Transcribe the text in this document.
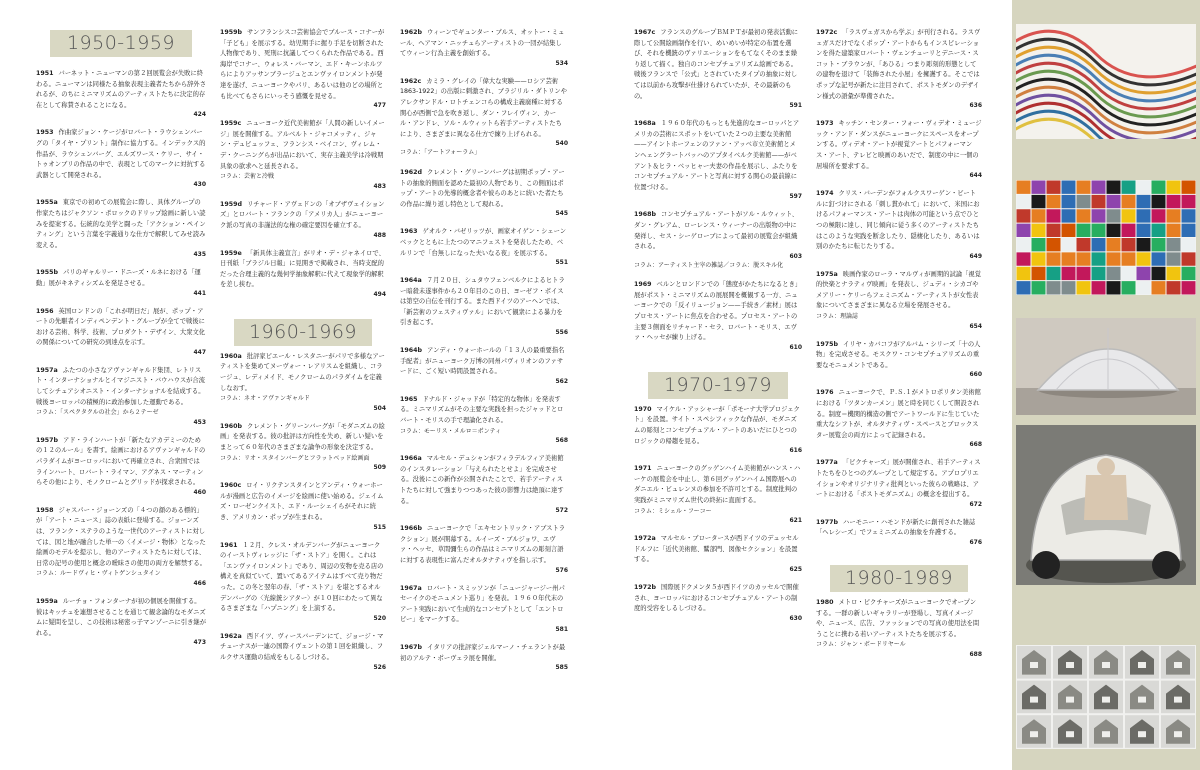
1950-1959
1951 バーネット・ニューマンの第２回展覧会が失敗に終わる。ニューマンは同様たる抽象表現主義者たちから辞外されるが、のちにミニマリズムのアーティストたちに決定的存在として称賛されることになる。
424
1953 作曲家ジョン・ケージがロバート・ラウシェンバーグの「タイヤ・プリント」制作に協力する。インデックス的作品が、ラウシェンバーグ、エルズワース・ケリー、サイ・トゥオンブリの作品の中で、表現としてのマークに対抗する武器として開発される。
430
1955a 東京での初めての展覧会に際し、具体グループの作家たちはジャクソン・ポロックのドリップ絵画に新しい読みを提案する。伝統的な美学と闘った「アクション・ペインティング」という言葉を字義通りな仕方で解釈してみせ読み変える。
435
1955b パリのギャルリー・ドニーズ・ルネにおける「運動」展がキネティシズムを発足させる。
441
1956 英国ロンドンの「これが明日だ」展が、ポップ・アートの先駆者インディペンデント・グループが全てで戦後における芸術、科学、技術、プロダクト・デザイン、大衆文化の関係についての研究の到達点を示す。
447
1957a ふたつの小さなアヴァンギャルド集団、レトリスト・インターナショナルとイマジニスト・バウハウスが合流してシチュアシオニスト・インターナショナルを結成する。戦後ヨーロッパの積極的に政治参加した運動である。
コラム：「スペクタクルの社会」から２テーゼ
453
1957b アド・ラインハートが「新たなアカデミーのための１２のルール」を書す。絵画におけるアヴァンギャルドのパラダイムがヨーロッパにおいて再確立され、合衆国ではラインハート、ロバート・ライマン、アグネス・マーティンらその他により、モノクロームとグリッドが探求される。
460
1958 ジャスパー・ジョーンズの「４つの顔のある標的」が「アート・ニュース」誌の表紙に登場する。ジョーンズは、フランク・ステラのような一世代のアーティストに対しては、図と地が融合した単一の〈イメージ・物体〉となった絵画のモデルを提示し、他のアーティストたちに対しては、日常の記号の使用と概念の曖昧さの使用の両方を解禁する。
コラム：ルードヴィヒ・ヴィトゲンシュタイン
466
1959a ルーチョ・フォンターナが初の個展を開催する。彼はキッチュを連想させることを通じて観念論的なモダニズムに疑問を呈し、この技術は秘密っ子マンゾーニに引き継がれる。
473
1959b サンフランシスコ芸術協会でブルース・コナーが「子ども」を展示する。幼児期手に握り手足を切断された人物像であり、死刑に抗議してつくられた作品である。西海岸でコナー、ウォレス・バーマン、エド・キーンホルツらによりアッサンブラージュとエンヴァイロンメントが発達を遂げ、ニューヨークやパリ、あるいは他のどの場所とも比べてもさらにいっそう感慨を見せる。
477
1959c ニューヨーク近代美術館が「人間の新しいイメージ」展を開催する。アルベルト・ジャコメッティ、ジャン・デュビュッフェ、フランシス・ベイコン、ヴィレム・デ・クーニングらが出品において、実存主義美学は冷戦期具象の欲求へと延長される。
コラム：芸術と冷戦
483
1959d リチャード・アヴェドンの「オブザヴェイションズ」とロバート・フランクの「アメリカ人」がニューヨーク派の写真の非謹法的な権の確定要因を確立する。
488
1959e 「新具体主義宣言」がリオ・デ・ジャネイロで、日刊紙「ブラジル日報」に見開きで掲載され、当時支配的だった合理主義的な幾何学抽象解釈に代えて現象学的解釈を差し挟む。
494
1960-1969
1960a 批評家ピエール・レスタニーがパリで多様なアーティストを集めてヌーヴォー・レアリスムを組織し、コラージュ、レディメイド、モノクロームのパラダイムを定義しなおす。
コラム：ネオ・アヴァンギャルド
504
1960b クレメント・グリーンバーグが「モダニズムの絵画」を発表する。彼の批評は方向性を失め、新しい疑いをまとって６０年代のさまざまな論争の形象を決定する。
コラム：リオ・スタインバーグとフラットベッド絵画面
509
1960c ロイ・リクテンスタインとアンディ・ウォーホールが漫画と広告のイメージを絵画に使い始める。ジェイムズ・ローゼンクイスト、エド・ルーシェイらがそれに続き、アメリカン・ポップが生まれる。
515
1961 １２月、クレス・オルデンバーグがニューヨークのイーストヴィレッジに「ザ・ストア」を開く。これは「エンヴァイロンメント」であり、周辺の安物を売る店の構えを真似ていて、置いてあるアイテムはすべて売り物だった。この冬と翌年の春、「ザ・ストア」を堪とするオルデンバーグの〈光線銃シアター〉が１０回にわたって異なるさまざまな「ハプニング」を上演する。
520
1962a 西ドイツ、ヴィースバーデンにて、ジョージ・マチューナスが一連の国際イヴェントの第１回を組織し、フルクサス運動の結成をもしるしづける。
526
1962b ウィーンでギュンター・ブルス、オットー・ミュール、ヘアマン・ニッチュらアーティストの一団が結集してウィーン行為主義を創始する。
534
1962c カミラ・グレイの「偉大な実験——ロシア芸術 1863-1922」の出版に刺激され、ブラジリル・ダトリンやアレクサンドル・ロトチェンコらの構成主義廣種に対する関心が西側で急を吹き返し、ダン・フレイヴィン、カール・アンドレ、ソル・ルウィットら若手アーティストたちにより、さまざまに異なる仕方で練り上げられる。
540
コラム：「アートフォーラム」
1962d クレメント・グリーンバーグは初期ポップ・アートの抽象的側面を認めた最初の人物であり、この側面はポップ・アートの先導的概念者や彼らのあとに続いた者たちの作品に繰り返し特色として現れる。
545
1963 ゲオルク・バゼリッツが、画家オイゲン・シェーンベックとともに上たつのマニフェストを発表したため、ベルリンで「台無しになった夫いなる夜」を展示する。
551
1964a ７月２０日、シュタウフェンベルクによるヒトラー暗殺未遂事件から２０年目のこの日、ヨーゼフ・ボイスは第空の自伝を刊行する。また西ドイツのアーヘンでは、「新芸術のフェスティヴァル」において観衆による暴力を引き起こす。
556
1964b アンディ・ウォーホールの「１３人の最重要指名手配者」がニューヨーク万博の同州パヴィリオンのファサードに、ごく短い時間設置される。
562
1965 ドナルド・ジャッドが「特定的な物体」を発表する。ミニマリズムがその主要な実践を担ったジャッドとロバート・モリスの手で理論化される。
コラム：モーリス・メルロ＝ポンティ
568
1966a マルセル・デュシャンがフィラデルフィア美術館のインスタレーション「与えられたとせよ」を完成させる。没後にこの新作が公開されたことで、若手アーティストたちに対して強まりつつあった彼の影響力は絶頂に達する。
572
1966b ニューヨークで「エキセントリック・アブストラクション」展が開幕する。ルイーズ・ブルジョワ、エヴァ・ヘッセ、草間彌生らの作品はミニマリズムの彫刻言語に対する表現性に富んだオルタナティヴを指し示す。
576
1967a ロバート・スミッソンが「ニュージャージー州パセーイクのモニュメント巡り」を発表。１９６０年代末のアート実践において生成的なコンセプトとして「エントロピー」をマークする。
581
1967b イタリアの批評家ジェルマーノ・チェラントが最初のアルテ・ポーヴェラ展を開催。
585
1967c フランスのグループＢＭＰＴが最初の発表活動に際して公開絵画制作を行い、めいめいが特定の布置を選び、それを機銃のヴァリエーションをもてなくそのまま繰り返して描く。独自のコンセプチュアリズム絵画である。戦後フランスで「公式」とされていたタイプの抽象に対しては以前から攻撃が仕掛けられていたが、その最新のもの。
591
1968a １９６０年代のもっとも先進的なヨーロッパとアメリカの芸術にスポットをいていた２つの主要な美術館——アイントホーフェンのファン・アッベ市立美術館とメンヘェングラートバッハのアプタイベルク美術館——がベアント＆ヒラ・ベッヒャー夫妻の作品を展示し、ふたりをコンセプチュアル・アートと写真に対する関心の最前線に位置づける。
597
1968b コンセプチュアル・アートがソル・ルウィット、ダン・グレアム、ローレンス・ウィーナーの出版物の中に発祥し、セス・シーゲローブによって最初の展覧会が組織される。
603
コラム：アーティスト主宰の雑誌／コラム：脱スキル化
1969 ベルンとロンドンでの「態度がかたちになるとき」展がポスト・ミニマリズムの展展開を概観する一方、ニューヨークでの「反イリュージョン——手続き／素材」展はプロセス・アートに焦点を合わせる。プロセス・アートの主要３側面をリチャード・セラ、ロバート・モリス、エヴァ・ヘッセが練り上げる。
610
1970-1979
1970 マイケル・アッシャーが「ポモーナ大学プロジェクト」を設置。サイト・スペシフィックな作品が、モダニズムの彫刻とコンセプチュアル・アートのあいだにひとつのロジックの帰趨を見る。
616
1971 ニューヨークのグッゲンハイム美術館がハンス・ハーケの展覧会を中止し、第６回グッゲンハイム国際展へのダニエル・ビュレンヌの参加を不許可とする。制度批判の実践がミニマリズム世代の終拓に直面する。
コラム：ミシェル・フーコー
621
1972a マルセル・ブロータースが西ドイツのデュッセルドルフに「近代美術館、鷲部門、図像セクション」を設置する。
625
1972b 国際展ドクメンタ５が西ドイツのカッセルで開催され、ヨーロッパにおけるコンセプチュアル・アートの制度的受容をしるしづける。
630
1972c 「ラスヴェガスから学ぶ」が刊行される。ラスヴェガスだけでなくポップ・アートからもインスピレーションを得た建築家ロバート・ヴェンチューリとデニース・スコット・ブラウンが、「あひる」つまり彫刻的形態としての建物を退けて「装飾された小屋」を擁護する。そこではポップな記号が新たに注目されて、ポストモダンのデザイン様式の語彙が準備された。
636
1973 キッチン・センター・フォー・ヴィデオ・ミュージック・アンド・ダンスがニューヨークにスペースをオープンする。ヴィデオ・アートが視覚アートとパフォーマンス・アート、テレビと映画のあいだで、制度の中に一個の居場所を要求する。
644
1974 クリス・バーデンがフォルクスワーゲン・ビートルに釘づけにされる「刺し貫かれて」において、米国におけるパフォーマンス・アートは肉体の可能という点でひとつの極限に達し、同じ傾向に従う多くのアーティストたちはこのような実践を断念したり、隠棲化したり、あるいは別のかたちに転じたりする。
649
1975a 映画作家のローラ・マルヴィが画期的試論「視覚的快楽とナラティヴ映画」を発表し、ジュディ・シカゴやメアリー・ケリーらフェミニズム・アーティストが女性表象についてさまざまに異なる立場を発展させる。
コラム：理論誌
654
1975b イリヤ・カバコフがアルバム・シリーズ「十の人物」を完成させる。モスクワ・コンセプチュアリズムの重要なモニュメントである。
660
1976 ニューヨークで、Ｐ.Ｓ.１がメトロポリタン美術館における「ツタンカーメン」展と時を同じくして開設される。制度＝機関的構造の側でアートワールドに生じていた重大なシフトが、オルタナティヴ・スペースとブロックスター展覧会の両方によって記録される。
668
1977a 「ピクチャーズ」展が開催され、若手アーティストたちをひとつのグループとして規定する。アプロプリエイションやオリジナリティ批判といった彼らの戦略は、アートにおける「ポストモダニズム」の概念を提出する。
672
1977b ハーモニー・ハモンドが新たに創刊された雑誌「ヘレシーズ」でフェミニズムの抽象を弁護する。
676
1980-1989
1980 メトロ・ピクチャーズがニューヨークでオープンする。一群の新しいギャラリーが登場し、写真イメージや、ニュース、広告、ファッションでの写真の使用法を問うことに携わる若いアーティストたちを展示する。
コラム：ジャン・ボードリヤール
688
